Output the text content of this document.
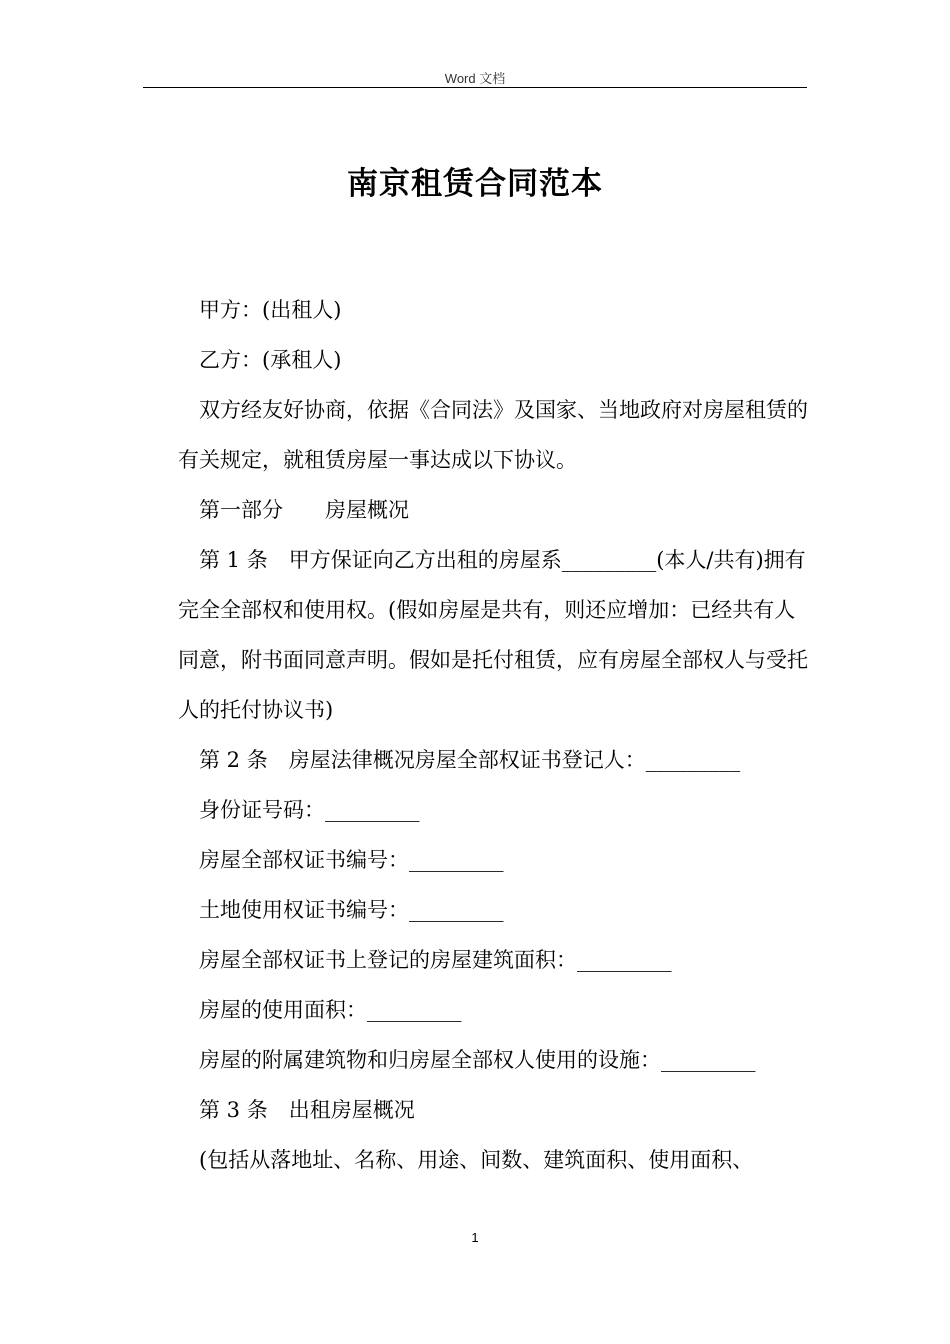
Word 文档
南京租赁合同范本

甲方：(出租人)

乙方：(承租人)

双方经友好协商，依据《合同法》及国家、当地政府对房屋租赁的有关规定，就租赁房屋一事达成以下协议。

第一部分　　房屋概况

第 1 条　甲方保证向乙方出租的房屋系_________(本人/共有)拥有完全全部权和使用权。(假如房屋是共有，则还应增加：已经共有人同意，附书面同意声明。假如是托付租赁，应有房屋全部权人与受托人的托付协议书)

第 2 条　房屋法律概况房屋全部权证书登记人：_________

身份证号码：_________

房屋全部权证书编号：_________

土地使用权证书编号：_________

房屋全部权证书上登记的房屋建筑面积：_________

房屋的使用面积：_________

房屋的附属建筑物和归房屋全部权人使用的设施：_________

第 3 条　出租房屋概况

(包括从落地址、名称、用途、间数、建筑面积、使用面积、

1
